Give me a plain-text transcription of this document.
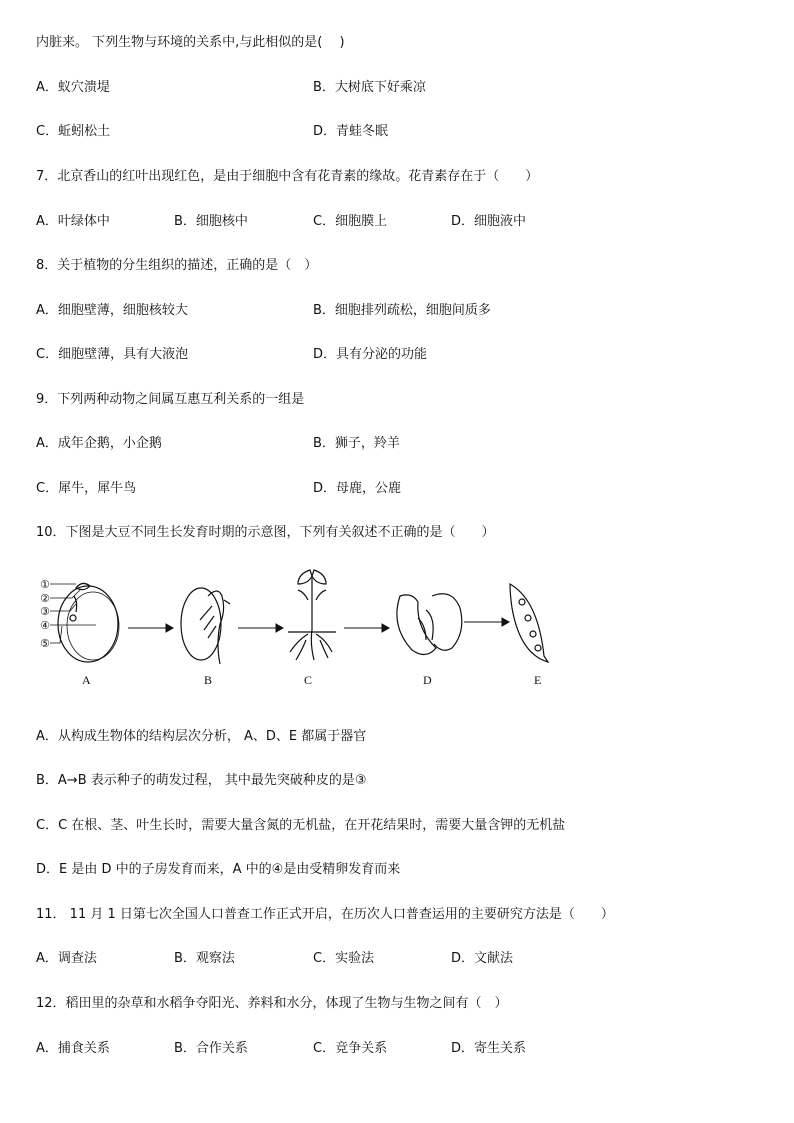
内脏来。 下列生物与环境的关系中,与此相似的是(　 )
A．蚁穴溃堤	B．大树底下好乘凉
C．蚯蚓松土	D．青蛙冬眠
7．北京香山的红叶出现红色，是由于细胞中含有花青素的缘故。花青素存在于（　　）
A．叶绿体中	B．细胞核中	C．细胞膜上	D．细胞液中
8．关于植物的分生组织的描述，正确的是（　）
A．细胞壁薄，细胞核较大	B．细胞排列疏松，细胞间质多
C．细胞壁薄，具有大液泡	D．具有分泌的功能
9．下列两种动物之间属互惠互利关系的一组是
A．成年企鹅，小企鹅	B．狮子，羚羊
C．犀牛，犀牛鸟	D．母鹿，公鹿
10．下图是大豆不同生长发育时期的示意图，下列有关叙述不正确的是（　　）
①
②
③
④
⑤
A	B	C	D	E
A．从构成生物体的结构层次分析， A、D、E 都属于器官
B．A→B 表示种子的萌发过程， 其中最先突破种皮的是③
C．C 在根、茎、叶生长时，需要大量含氮的无机盐，在开花结果时，需要大量含钾的无机盐
D．E 是由 D 中的子房发育而来，A 中的④是由受精卵发育而来
11． 11 月 1 日第七次全国人口普查工作正式开启，在历次人口普查运用的主要研究方法是（　　）
A．调查法	B．观察法	C．实验法	D．文献法
12．稻田里的杂草和水稻争夺阳光、养料和水分，体现了生物与生物之间有（　）
A．捕食关系	B．合作关系	C．竞争关系	D．寄生关系
